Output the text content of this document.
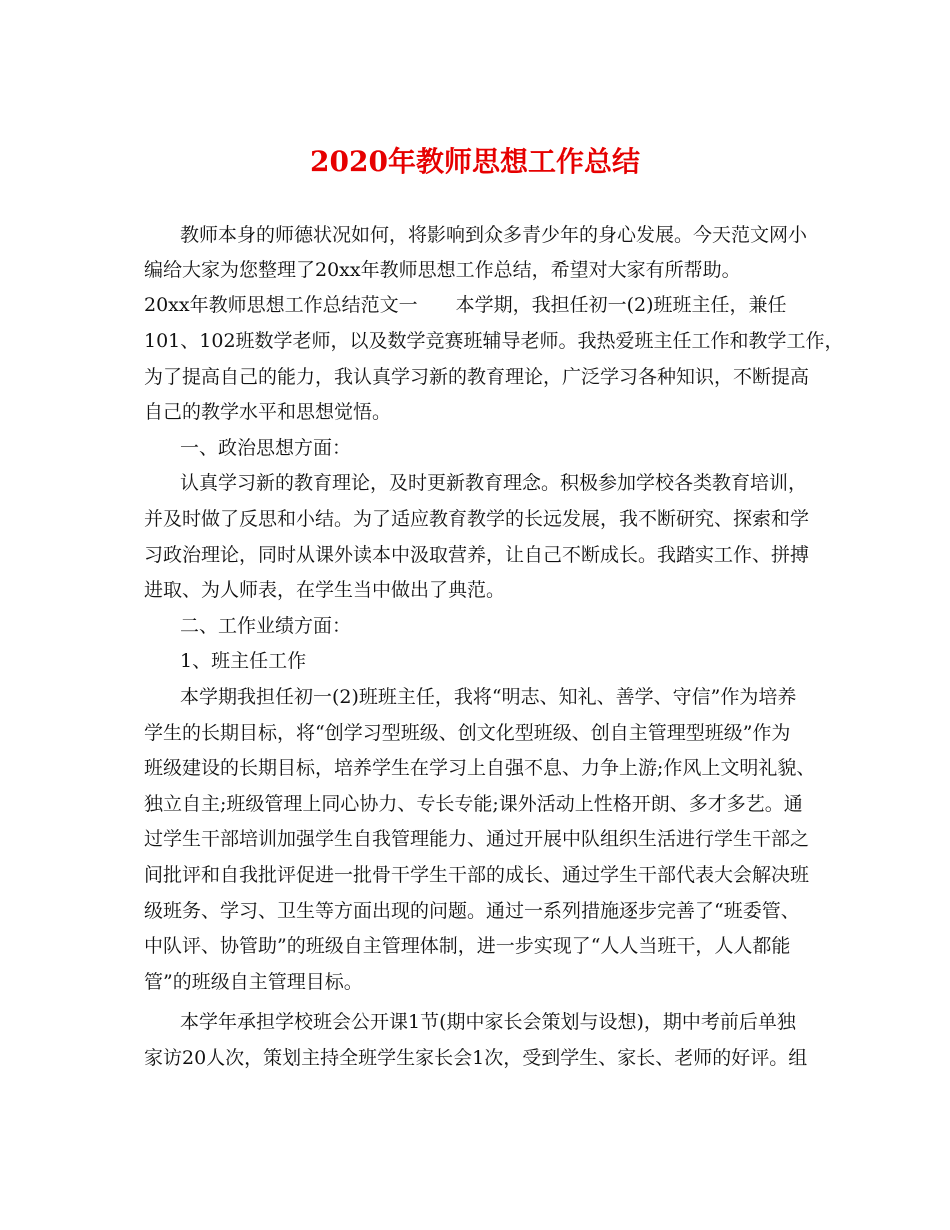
2020年教师思想工作总结
教师本身的师德状况如何，将影响到众多青少年的身心发展。今天范文网小
编给大家为您整理了20xx年教师思想工作总结，希望对大家有所帮助。
20xx年教师思想工作总结范文一　　本学期，我担任初一(2)班班主任，兼任
101、102班数学老师，以及数学竞赛班辅导老师。我热爱班主任工作和教学工作，
为了提高自己的能力，我认真学习新的教育理论，广泛学习各种知识，不断提高
自己的教学水平和思想觉悟。
一、政治思想方面：
认真学习新的教育理论，及时更新教育理念。积极参加学校各类教育培训，
并及时做了反思和小结。为了适应教育教学的长远发展，我不断研究、探索和学
习政治理论，同时从课外读本中汲取营养，让自己不断成长。我踏实工作、拼搏
进取、为人师表，在学生当中做出了典范。
二、工作业绩方面：
1、班主任工作
本学期我担任初一(2)班班主任，我将“明志、知礼、善学、守信”作为培养
学生的长期目标，将“创学习型班级、创文化型班级、创自主管理型班级”作为
班级建设的长期目标，培养学生在学习上自强不息、力争上游;作风上文明礼貌、
独立自主;班级管理上同心协力、专长专能;课外活动上性格开朗、多才多艺。通
过学生干部培训加强学生自我管理能力、通过开展中队组织生活进行学生干部之
间批评和自我批评促进一批骨干学生干部的成长、通过学生干部代表大会解决班
级班务、学习、卫生等方面出现的问题。通过一系列措施逐步完善了“班委管、
中队评、协管助”的班级自主管理体制，进一步实现了“人人当班干，人人都能
管”的班级自主管理目标。
本学年承担学校班会公开课1节(期中家长会策划与设想)，期中考前后单独
家访20人次，策划主持全班学生家长会1次，受到学生、家长、老师的好评。组
